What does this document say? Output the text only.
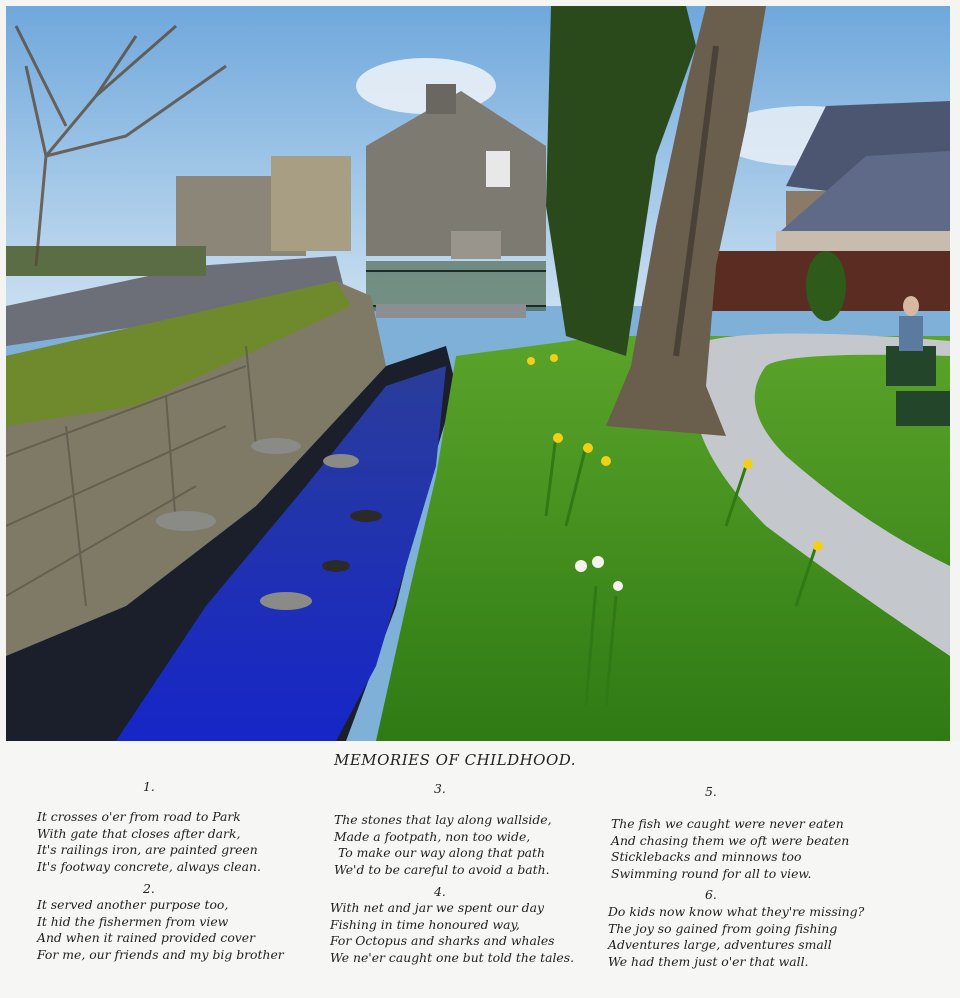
MEMORIES OF CHILDHOOD.
1.
It crosses o'er from road to Park
With gate that closes after dark,
It's railings iron, are painted green
It's footway concrete, always clean.
2.
It served another purpose too,
It hid the fishermen from view
And when it rained provided cover
For me, our friends and my big brother
3.
The stones that lay along wallside,
Made a footpath, non too wide,
To make our way along that path
We'd to be careful to avoid a bath.
4.
With net and jar we spent our day
Fishing in time honoured way,
For Octopus and sharks and whales
We ne'er caught one but told the tales.
5.
The fish we caught were never eaten
And chasing them we oft were beaten
Sticklebacks and minnows too
Swimming round for all to view.
6.
Do kids now know what they're missing?
The joy so gained from going fishing
Adventures large, adventures small
We had them just o'er that wall.
